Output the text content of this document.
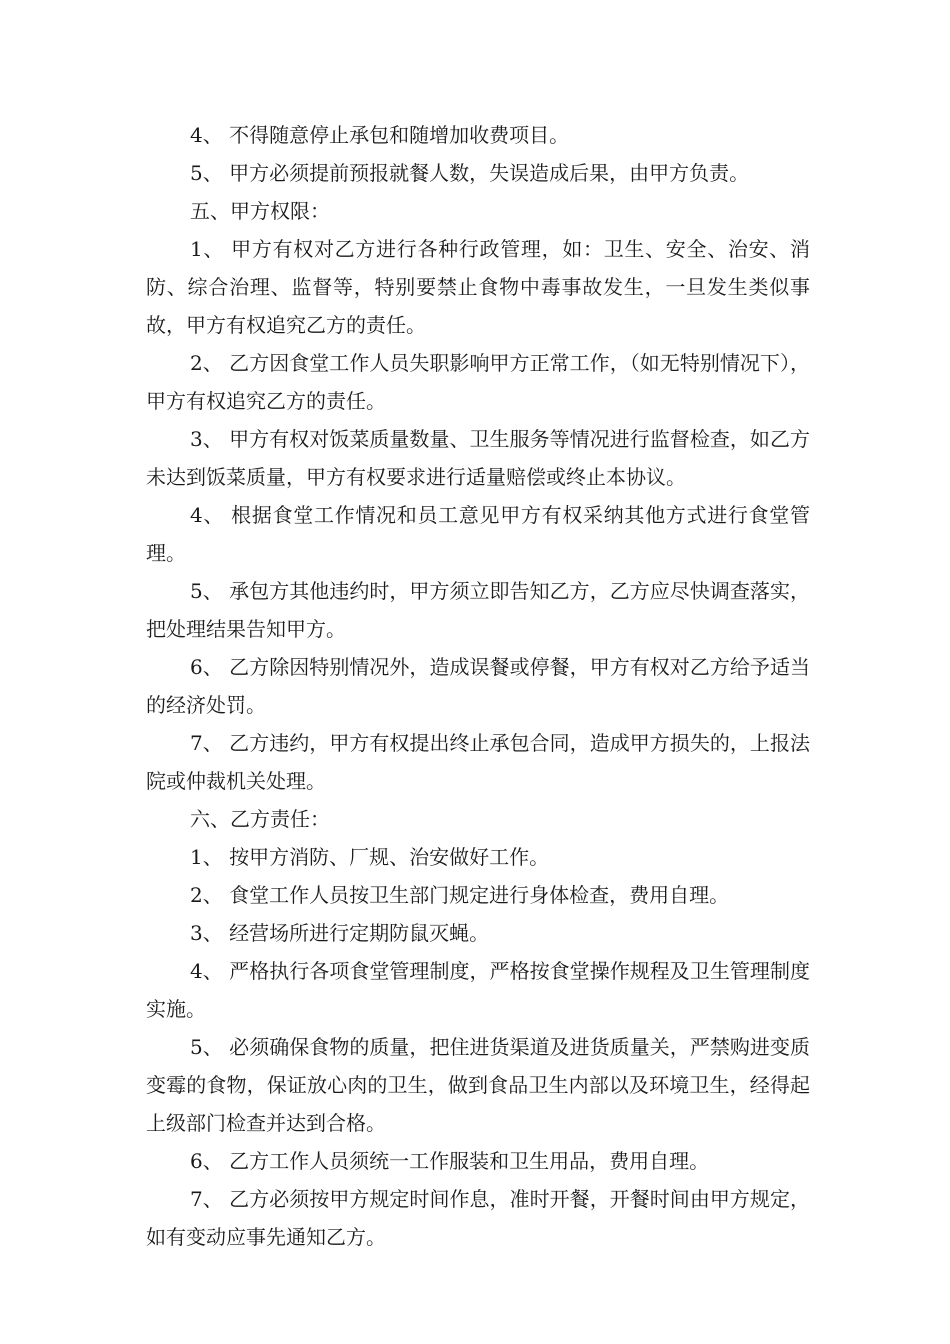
4、 不得随意停止承包和随增加收费项目。

5、 甲方必须提前预报就餐人数，失误造成后果，由甲方负责。

五、甲方权限：

1、 甲方有权对乙方进行各种行政管理，如：卫生、安全、治安、消防、综合治理、监督等，特别要禁止食物中毒事故发生，一旦发生类似事故，甲方有权追究乙方的责任。

2、 乙方因食堂工作人员失职影响甲方正常工作，（如无特别情况下），甲方有权追究乙方的责任。

3、 甲方有权对饭菜质量数量、卫生服务等情况进行监督检查，如乙方未达到饭菜质量，甲方有权要求进行适量赔偿或终止本协议。

4、 根据食堂工作情况和员工意见甲方有权采纳其他方式进行食堂管理。

5、 承包方其他违约时，甲方须立即告知乙方，乙方应尽快调查落实，把处理结果告知甲方。

6、 乙方除因特别情况外，造成误餐或停餐，甲方有权对乙方给予适当的经济处罚。

7、 乙方违约，甲方有权提出终止承包合同，造成甲方损失的，上报法院或仲裁机关处理。

六、乙方责任：

1、 按甲方消防、厂规、治安做好工作。

2、 食堂工作人员按卫生部门规定进行身体检查，费用自理。

3、 经营场所进行定期防鼠灭蝇。

4、 严格执行各项食堂管理制度，严格按食堂操作规程及卫生管理制度实施。

5、 必须确保食物的质量，把住进货渠道及进货质量关，严禁购进变质变霉的食物，保证放心肉的卫生，做到食品卫生内部以及环境卫生，经得起上级部门检查并达到合格。

6、 乙方工作人员须统一工作服装和卫生用品，费用自理。

7、 乙方必须按甲方规定时间作息，准时开餐，开餐时间由甲方规定，如有变动应事先通知乙方。
